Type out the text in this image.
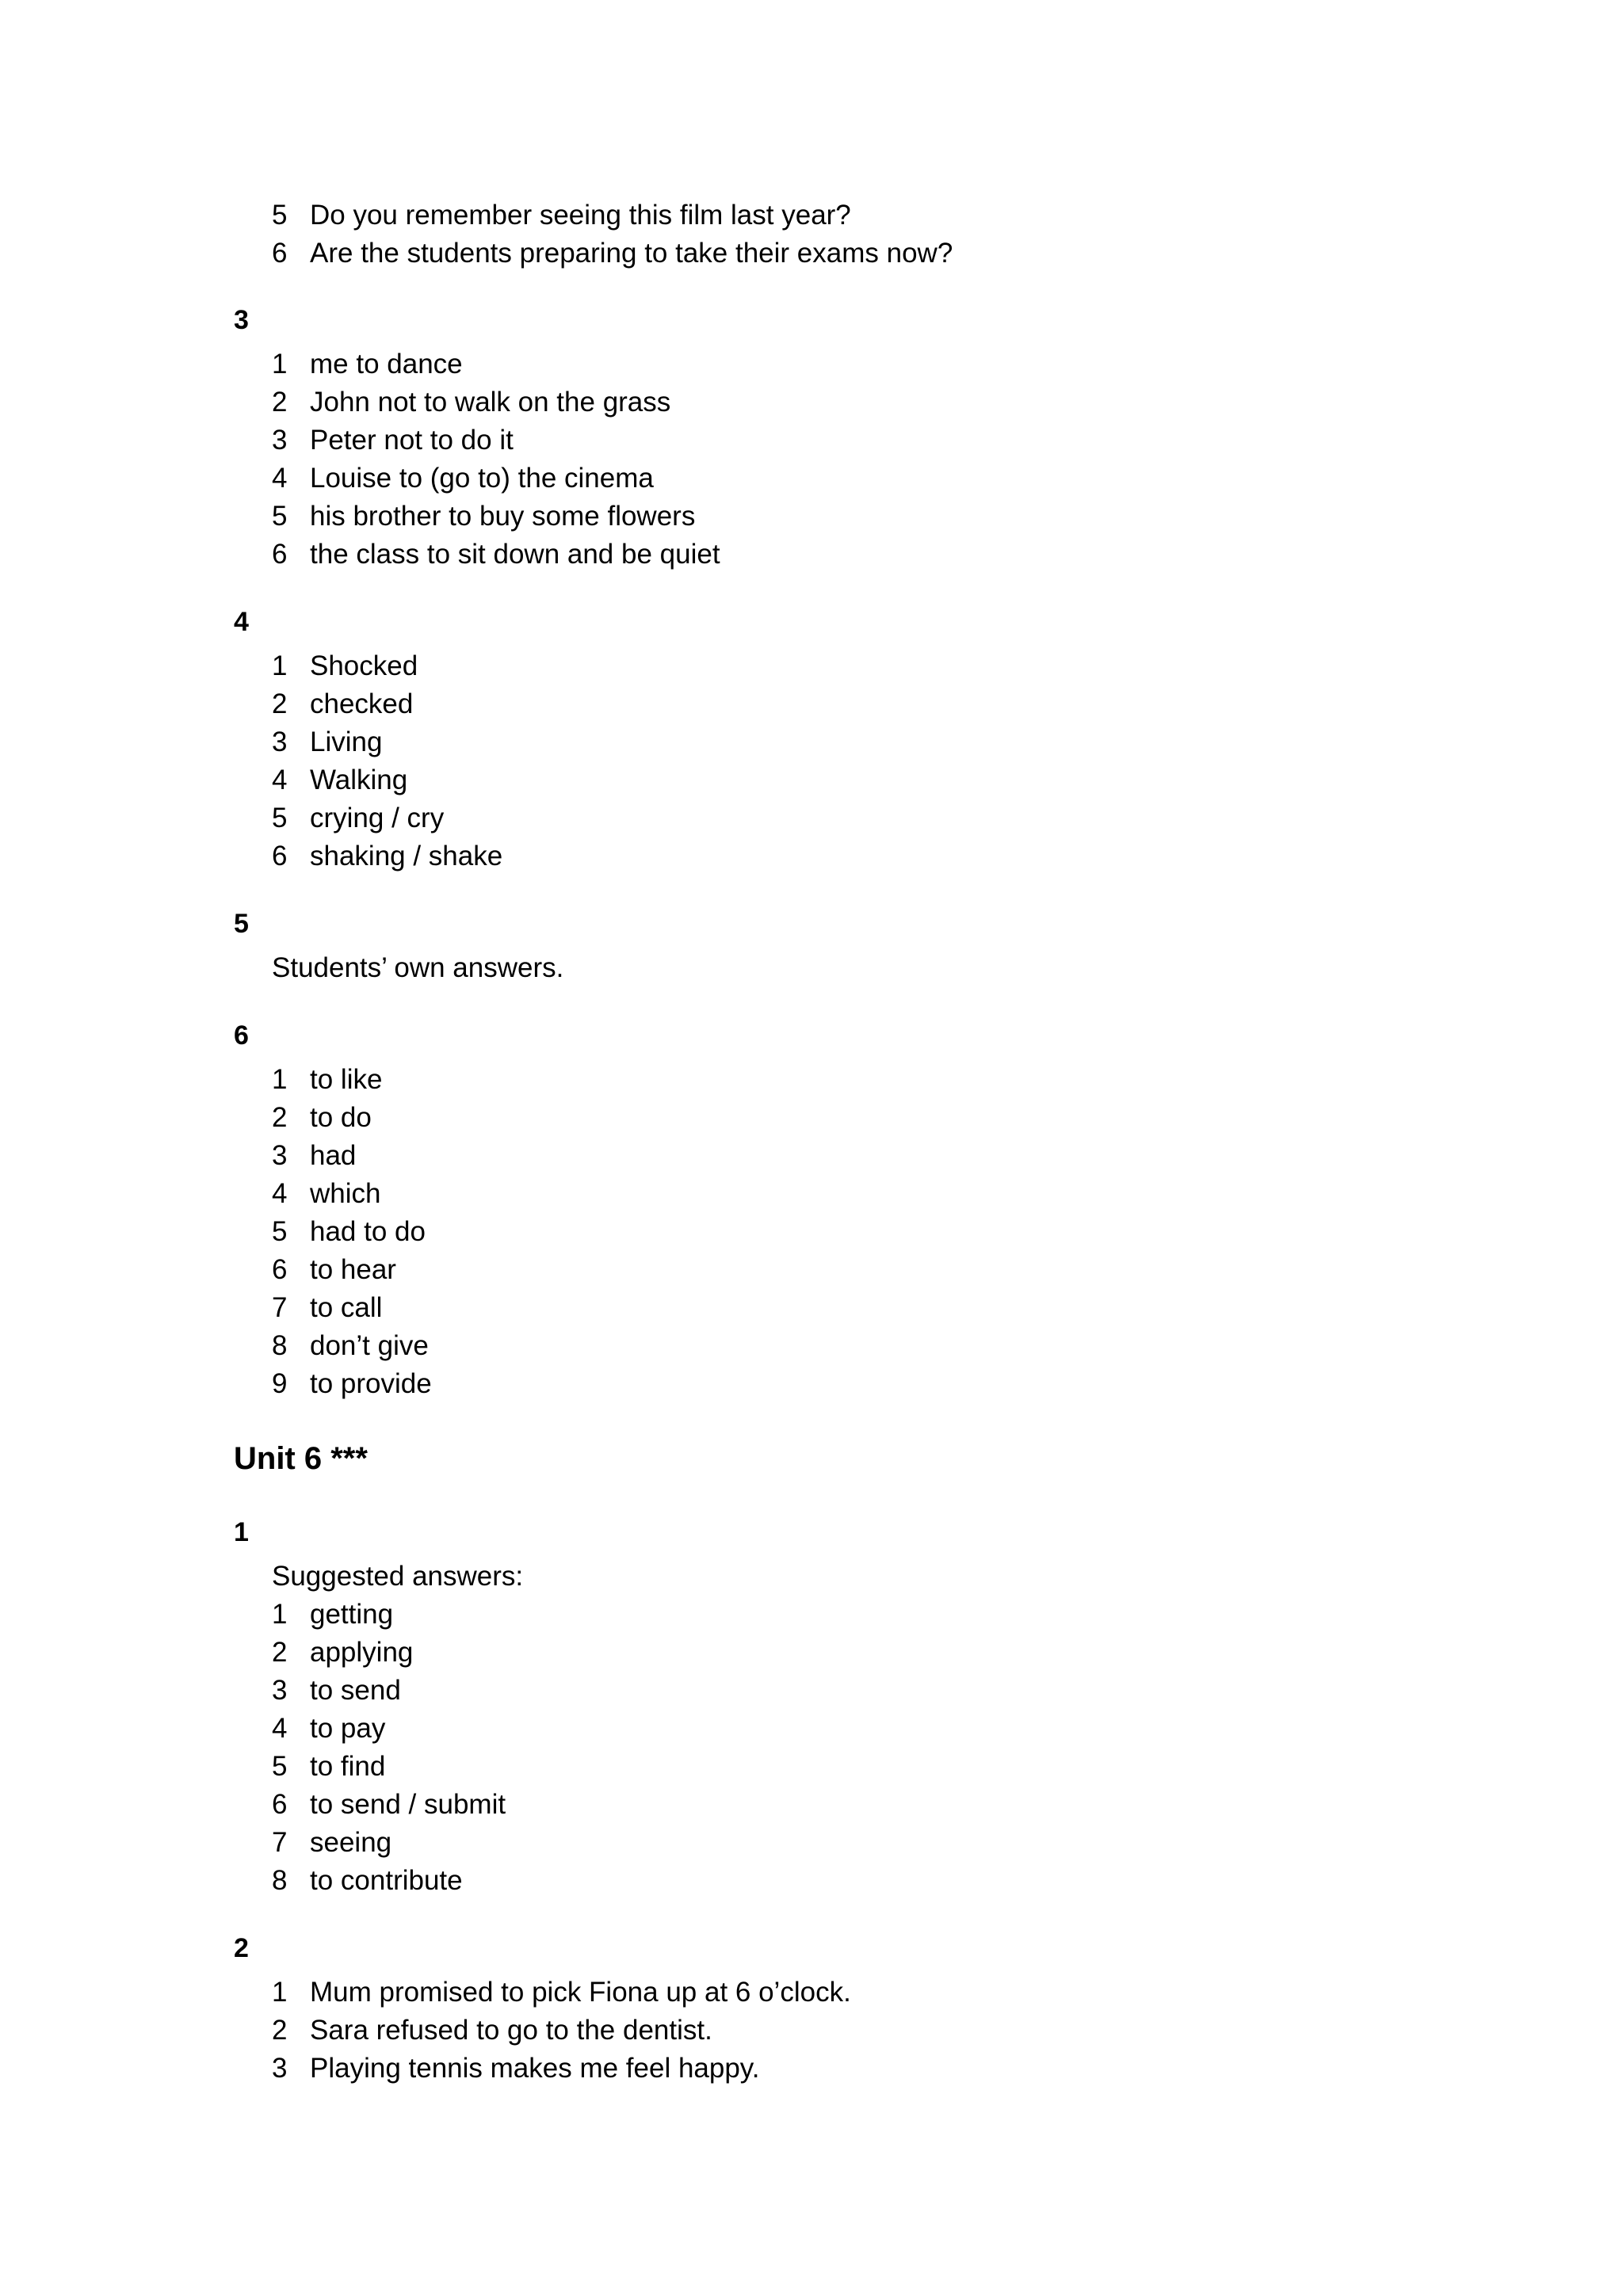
5 Do you remember seeing this film last year?
6 Are the students preparing to take their exams now?
3
1 me to dance
2 John not to walk on the grass
3 Peter not to do it
4 Louise to (go to) the cinema
5 his brother to buy some flowers
6 the class to sit down and be quiet
4
1 Shocked
2 checked
3 Living
4 Walking
5 crying / cry
6 shaking / shake
5
Students’ own answers.
6
1 to like
2 to do
3 had
4 which
5 had to do
6 to hear
7 to call
8 don’t give
9 to provide
Unit 6 ***
1
Suggested answers:
1 getting
2 applying
3 to send
4 to pay
5 to find
6 to send / submit
7 seeing
8 to contribute
2
1 Mum promised to pick Fiona up at 6 o’clock.
2 Sara refused to go to the dentist.
3 Playing tennis makes me feel happy.
